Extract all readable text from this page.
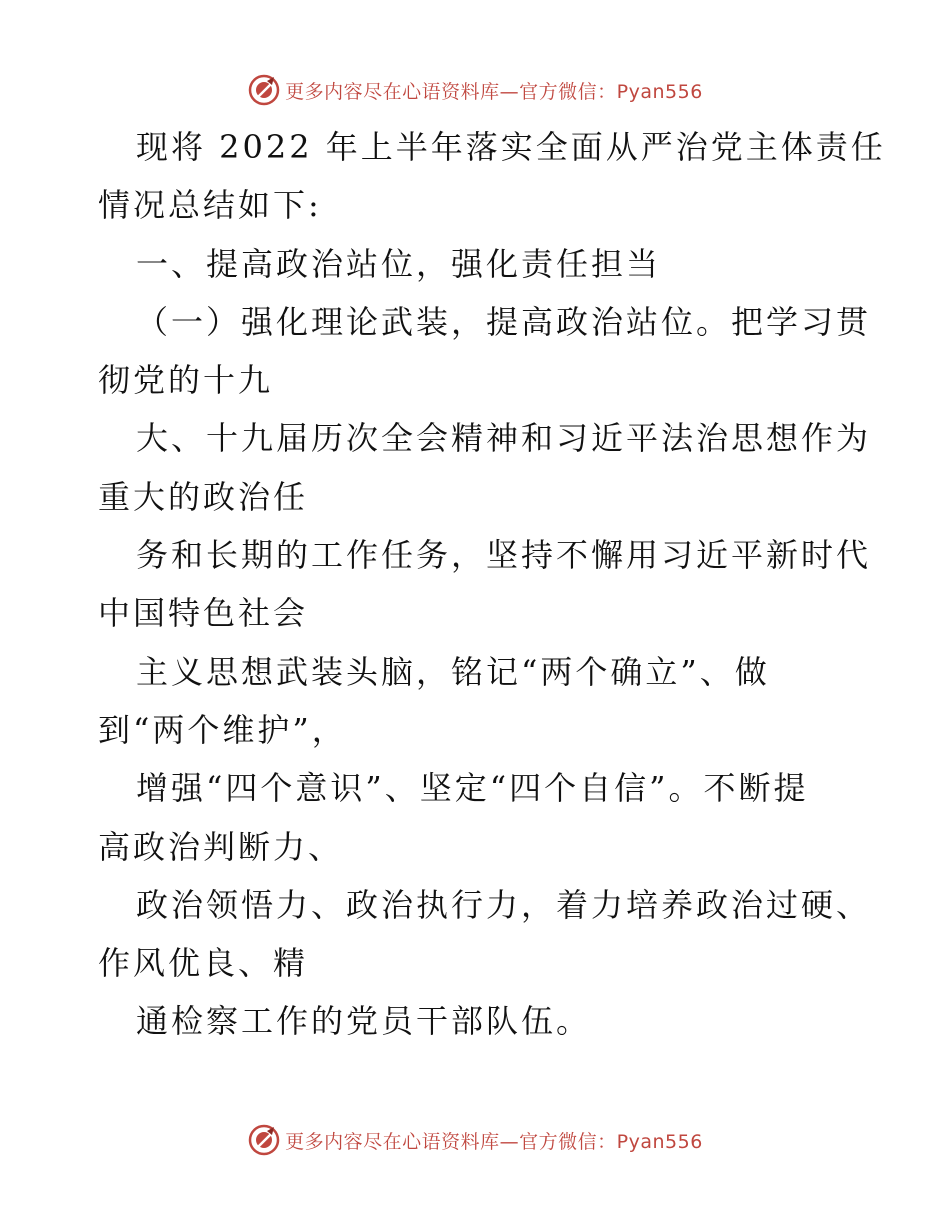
更多内容尽在心语资料库—官方微信：Pyan556
现将 2022 年上半年落实全面从严治党主体责任
情况总结如下:
一、提高政治站位，强化责任担当
（一）强化理论武装，提高政治站位。把学习贯
彻党的十九
大、十九届历次全会精神和习近平法治思想作为
重大的政治任
务和长期的工作任务，坚持不懈用习近平新时代
中国特色社会
主义思想武装头脑，铭记“两个确立”、做
到“两个维护”，
增强“四个意识”、坚定“四个自信”。不断提
高政治判断力、
政治领悟力、政治执行力，着力培养政治过硬、
作风优良、精
通检察工作的党员干部队伍。
更多内容尽在心语资料库—官方微信：Pyan556
